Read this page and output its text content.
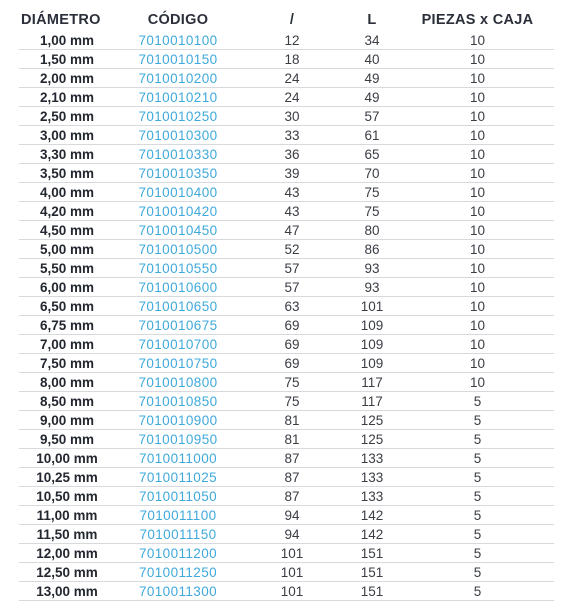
DIÁMETRO	CÓDIGO	/	L	PIEZAS x CAJA
1,00 mm	7010010100	12	34	10
1,50 mm	7010010150	18	40	10
2,00 mm	7010010200	24	49	10
2,10 mm	7010010210	24	49	10
2,50 mm	7010010250	30	57	10
3,00 mm	7010010300	33	61	10
3,30 mm	7010010330	36	65	10
3,50 mm	7010010350	39	70	10
4,00 mm	7010010400	43	75	10
4,20 mm	7010010420	43	75	10
4,50 mm	7010010450	47	80	10
5,00 mm	7010010500	52	86	10
5,50 mm	7010010550	57	93	10
6,00 mm	7010010600	57	93	10
6,50 mm	7010010650	63	101	10
6,75 mm	7010010675	69	109	10
7,00 mm	7010010700	69	109	10
7,50 mm	7010010750	69	109	10
8,00 mm	7010010800	75	117	10
8,50 mm	7010010850	75	117	5
9,00 mm	7010010900	81	125	5
9,50 mm	7010010950	81	125	5
10,00 mm	7010011000	87	133	5
10,25 mm	7010011025	87	133	5
10,50 mm	7010011050	87	133	5
11,00 mm	7010011100	94	142	5
11,50 mm	7010011150	94	142	5
12,00 mm	7010011200	101	151	5
12,50 mm	7010011250	101	151	5
13,00 mm	7010011300	101	151	5
